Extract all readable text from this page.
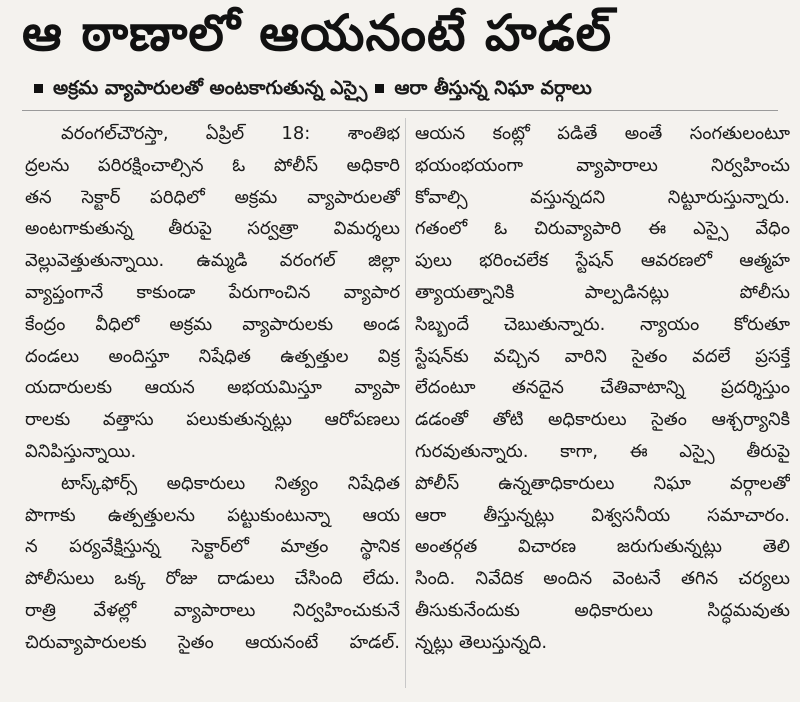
ఆ ఠాణాలో ఆయనంటే హడల్
అక్రమ వ్యాపారులతో అంటకాగుతున్న ఎస్సై ఆరా తీస్తున్న నిఘా వర్గాలు
వరంగల్‌చౌరస్తా, ఏప్రిల్ 18: శాంతిభ
ద్రలను పరిరక్షించాల్సిన ఓ పోలీస్ అధికారి
తన సెక్టార్ పరిధిలో అక్రమ వ్యాపారులతో
అంటగాకుతున్న తీరుపై సర్వత్రా విమర్శలు
వెల్లువెత్తుతున్నాయి. ఉమ్మడి వరంగల్ జిల్లా
వ్యాప్తంగానే కాకుండా పేరుగాంచిన వ్యాపార
కేంద్రం వీధిలో అక్రమ వ్యాపారులకు అండ
దండలు అందిస్తూ నిషేధిత ఉత్పత్తుల విక్ర
యదారులకు ఆయన అభయమిస్తూ వ్యాపా
రాలకు వత్తాసు పలుకుతున్నట్లు ఆరోపణలు
వినిపిస్తున్నాయి.
టాస్క్‌ఫోర్స్ అధికారులు నిత్యం నిషేధిత
పొగాకు ఉత్పత్తులను పట్టుకుంటున్నా ఆయ
న పర్యవేక్షిస్తున్న సెక్టార్‌లో మాత్రం స్థానిక
పోలీసులు ఒక్క రోజు దాడులు చేసింది లేదు.
రాత్రి వేళల్లో వ్యాపారాలు నిర్వహించుకునే
చిరువ్యాపారులకు సైతం ఆయనంటే హడల్.
ఆయన కంట్లో పడితే అంతే సంగతులంటూ
భయంభయంగా వ్యాపారాలు నిర్వహించు
కోవాల్సి వస్తున్నదని నిట్టూరుస్తున్నారు.
గతంలో ఓ చిరువ్యాపారి ఈ ఎస్సై వేధిం
పులు భరించలేక స్టేషన్ ఆవరణలో ఆత్మహ
త్యాయత్నానికి పాల్పడినట్లు పోలీసు
సిబ్బందే చెబుతున్నారు. న్యాయం కోరుతూ
స్టేషన్‌కు వచ్చిన వారిని సైతం వదలే ప్రసక్తే
లేదంటూ తనదైన చేతివాటాన్ని ప్రదర్శిస్తుం
డడంతో తోటి అధికారులు సైతం ఆశ్చర్యానికి
గురవుతున్నారు. కాగా, ఈ ఎస్సై తీరుపై
పోలీస్ ఉన్నతాధికారులు నిఘా వర్గాలతో
ఆరా తీస్తున్నట్లు విశ్వసనీయ సమాచారం.
అంతర్గత విచారణ జరుగుతున్నట్లు తెలి
సింది. నివేదిక అందిన వెంటనే తగిన చర్యలు
తీసుకునేందుకు అధికారులు సిద్ధమవుతు
న్నట్లు తెలుస్తున్నది.
